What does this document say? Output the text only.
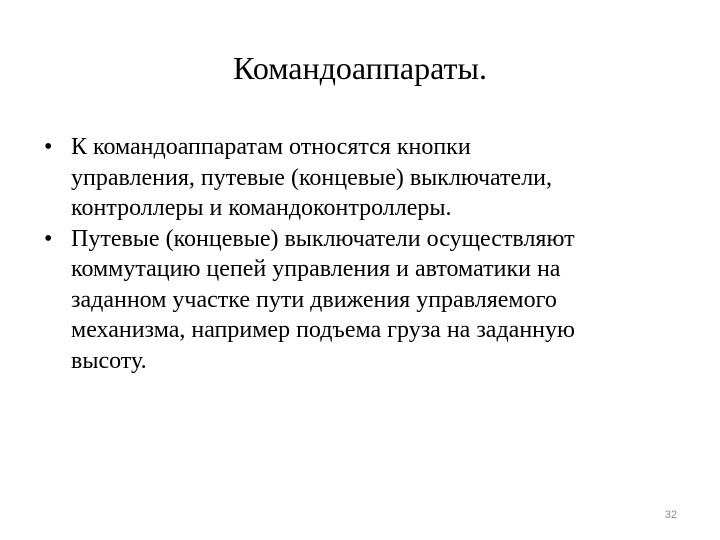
Командоаппараты.
• К командоаппаратам относятся кнопки
управления, путевые (концевые) выключатели,
контроллеры и командоконтроллеры.
• Путевые (концевые) выключатели осуществляют
коммутацию цепей управления и автоматики на
заданном участке пути движения управляемого
механизма, например подъема груза на заданную
высоту.
32
